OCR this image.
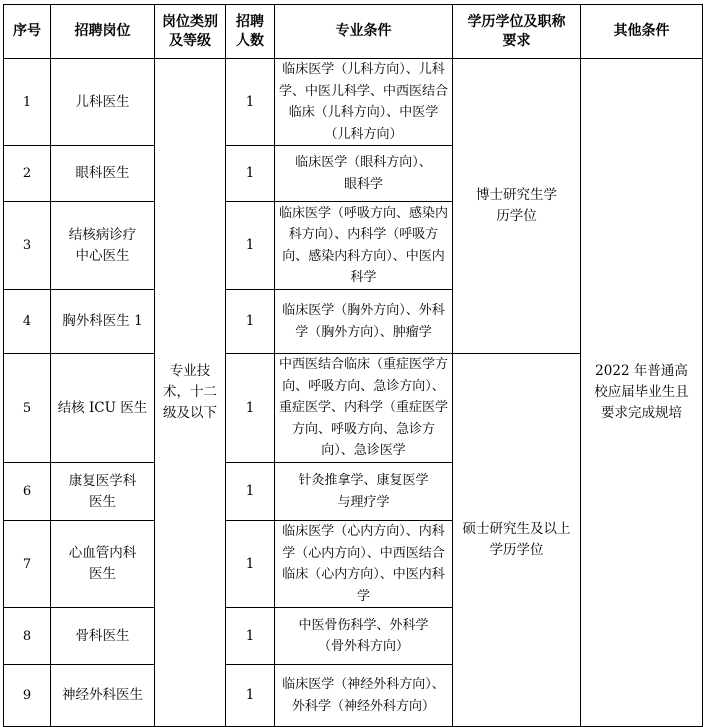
序号	招聘岗位	岗位类别及等级	招聘人数	专业条件	学历学位及职称要求	其他条件
1	儿科医生	专业技术，十二级及以下	1	临床医学（儿科方向）、儿科学、中医儿科学、中西医结合临床（儿科方向）、中医学（儿科方向）	博士研究生学历学位	2022 年普通高校应届毕业生且要求完成规培

2	眼科医生		1	临床医学（眼科方向）、眼科学		

3	结核病诊疗中心医生		1	临床医学（呼吸方向、感染内科方向）、内科学（呼吸方向、感染内科方向）、中医内科学		
4	胸外科医生 1		1	临床医学（胸外方向）、外科学（胸外方向）、肿瘤学		
5	结核 ICU 医生		1	中西医结合临床（重症医学方向、呼吸方向、急诊方向）、重症医学、内科学（重症医学方向、呼吸方向、急诊方向）、急诊医学	硕士研究生及以上学历学位	

6	康复医学科医生		1	针灸推拿学、康复医学与理疗学		

7	心血管内科医生		1	临床医学（心内方向）、内科学（心内方向）、中西医结合临床（心内方向）、中医内科学		
8	骨科医生		1	中医骨伤科学、外科学（骨外科方向）		

9	神经外科医生		1	临床医学（神经外科方向）、外科学（神经外科方向）		
